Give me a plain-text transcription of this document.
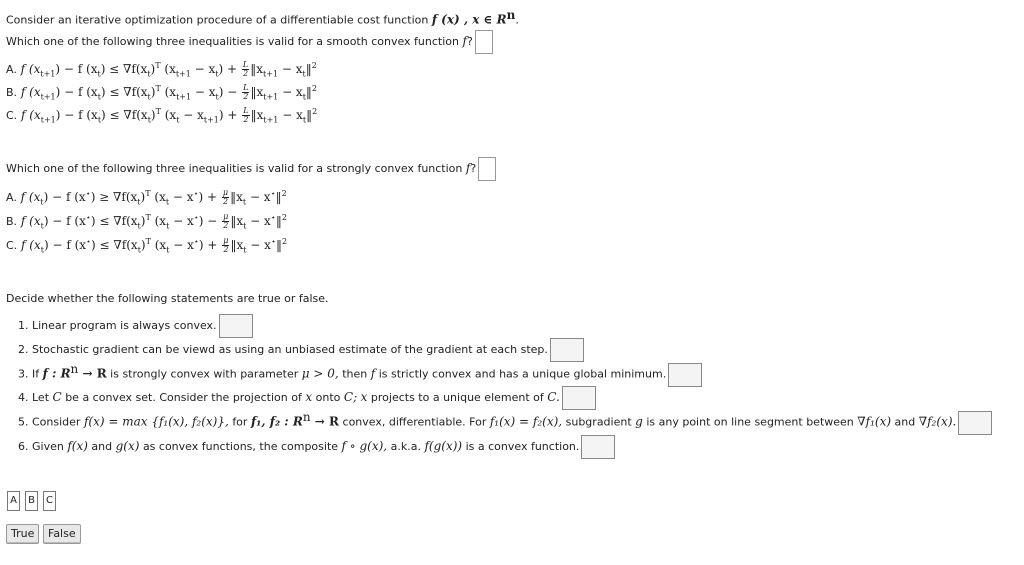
Consider an iterative optimization procedure of a differentiable cost function f (x) , x ∈ $R^n$.
Which one of the following three inequalities is valid for a smooth convex function f?
A. f $(x_{t+1}) - f$ $(x_t) \le \nabla f(x_t)^T$ $(x_{t+1} - x_t) + \frac{L}{2}$ $‖x_{t+1}$ − $x_t‖^2$
B. f $(x_{t+1}) - f$ $(x_t) \le \nabla f(x_t)^T$ $(x_{t+1} - x_t) - \frac{L}{2}$ $‖x_{t+1}$ − $x_t‖^2$
C. f $(x_{t+1}) - f$ $(x_t) \le \nabla f(x_t)^T$ $(x_t - x_{t+1}) + \frac{L}{2}$ $‖x_{t+1}$ − $x_t‖^2$
Which one of the following three inequalities is valid for a strongly convex function f?
A. f $(x_t) - f$ $(x^⋆) \ge \nabla f(x_t)^T$ $(x_t - x^⋆) + \frac{\mu}{2}$ $‖x_t$ − x⋆‖$^2$
B. f $(x_t) - f$ $(x^⋆) \le \nabla f(x_t)^T$ $(x_t - x^⋆) - \frac{\mu}{2}$ $‖x_t$ − x⋆‖$^2$
C. f $(x_t) - f$ $(x^⋆) \le \nabla f(x_t)^T$ $(x_t - x^⋆) + \frac{\mu}{2}$ $‖x_t$ − x⋆‖$^2$
Decide whether the following statements are true or false.
1. Linear program is always convex.
2. Stochastic gradient can be viewd as using an unbiased estimate of the gradient at each step.
3. If f : $R^n \to R$ is strongly convex with parameter μ > 0, then f is strictly convex and has a unique global minimum.
4. Let C be a convex set. Consider the projection of x onto C; x projects to a unique element of C.
5. Consider f(x) = max {f₁(x), f₂(x)}, for f₁, f₂ : $R^n \to R$ convex, differentiable. For f₁(x) = f₂(x), subgradient g is any point on line segment between ∇f₁(x) and ∇f₂(x).
6. Given f(x) and g(x) as convex functions, the composite f ∘ g(x), a.k.a. f(g(x)) is a convex function.
A	B	C
True	False
